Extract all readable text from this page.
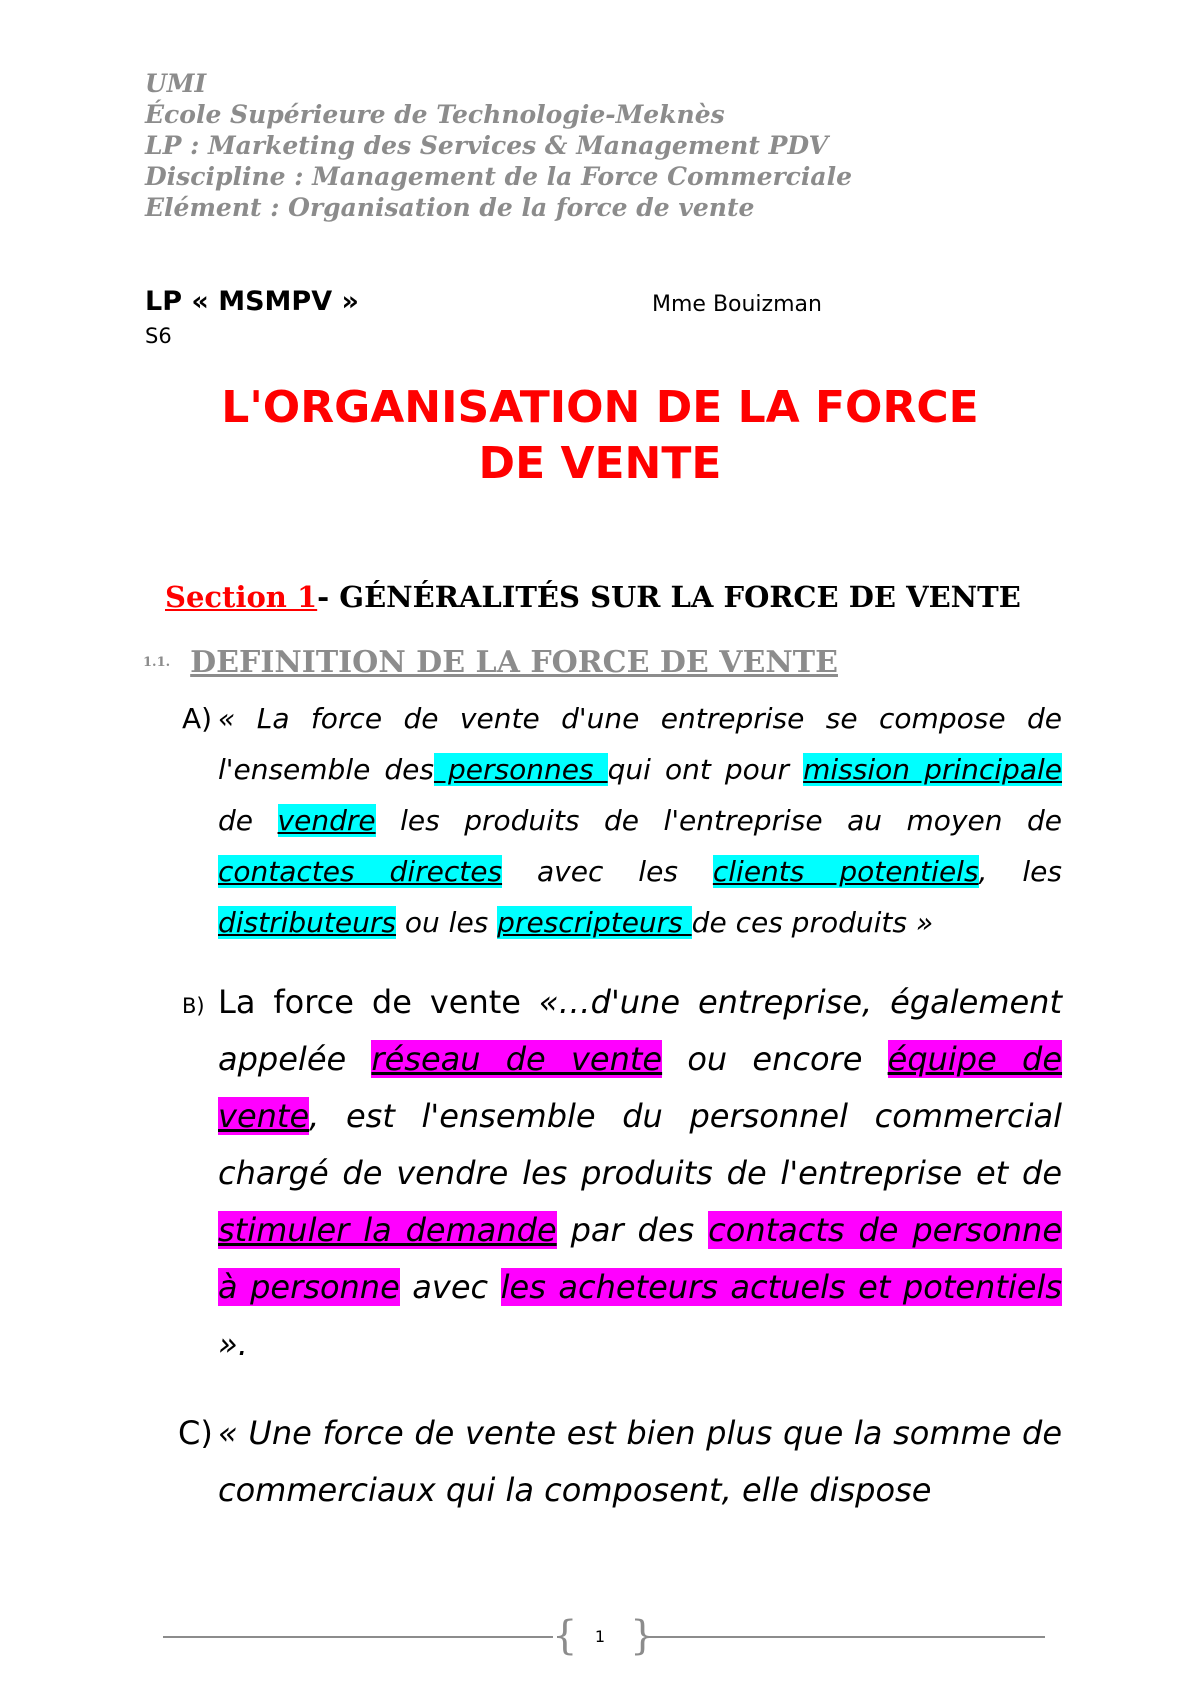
UMI
École Supérieure de Technologie-Meknès
LP : Marketing des Services & Management PDV
Discipline : Management de la Force Commerciale
Elément : Organisation de la force de vente
LP « MSMPV »	Mme Bouizman
S6
L'ORGANISATION DE LA FORCE
DE VENTE
Section 1- GÉNÉRALITÉS SUR LA FORCE DE VENTE
1.1. DEFINITION DE LA FORCE DE VENTE
A) « La force de vente d'une entreprise se compose de l'ensemble des personnes qui ont pour mission principale de vendre les produits de l'entreprise au moyen de contactes directes avec les clients potentiels, les distributeurs ou les prescripteurs de ces produits »
B) La force de vente «…d'une entreprise, également appelée réseau de vente ou encore équipe de vente, est l'ensemble du personnel commercial chargé de vendre les produits de l'entreprise et de stimuler la demande par des contacts de personne à personne avec les acheteurs actuels et potentiels ».
C) « Une force de vente est bien plus que la somme de commerciaux qui la composent, elle dispose
{ }
1
